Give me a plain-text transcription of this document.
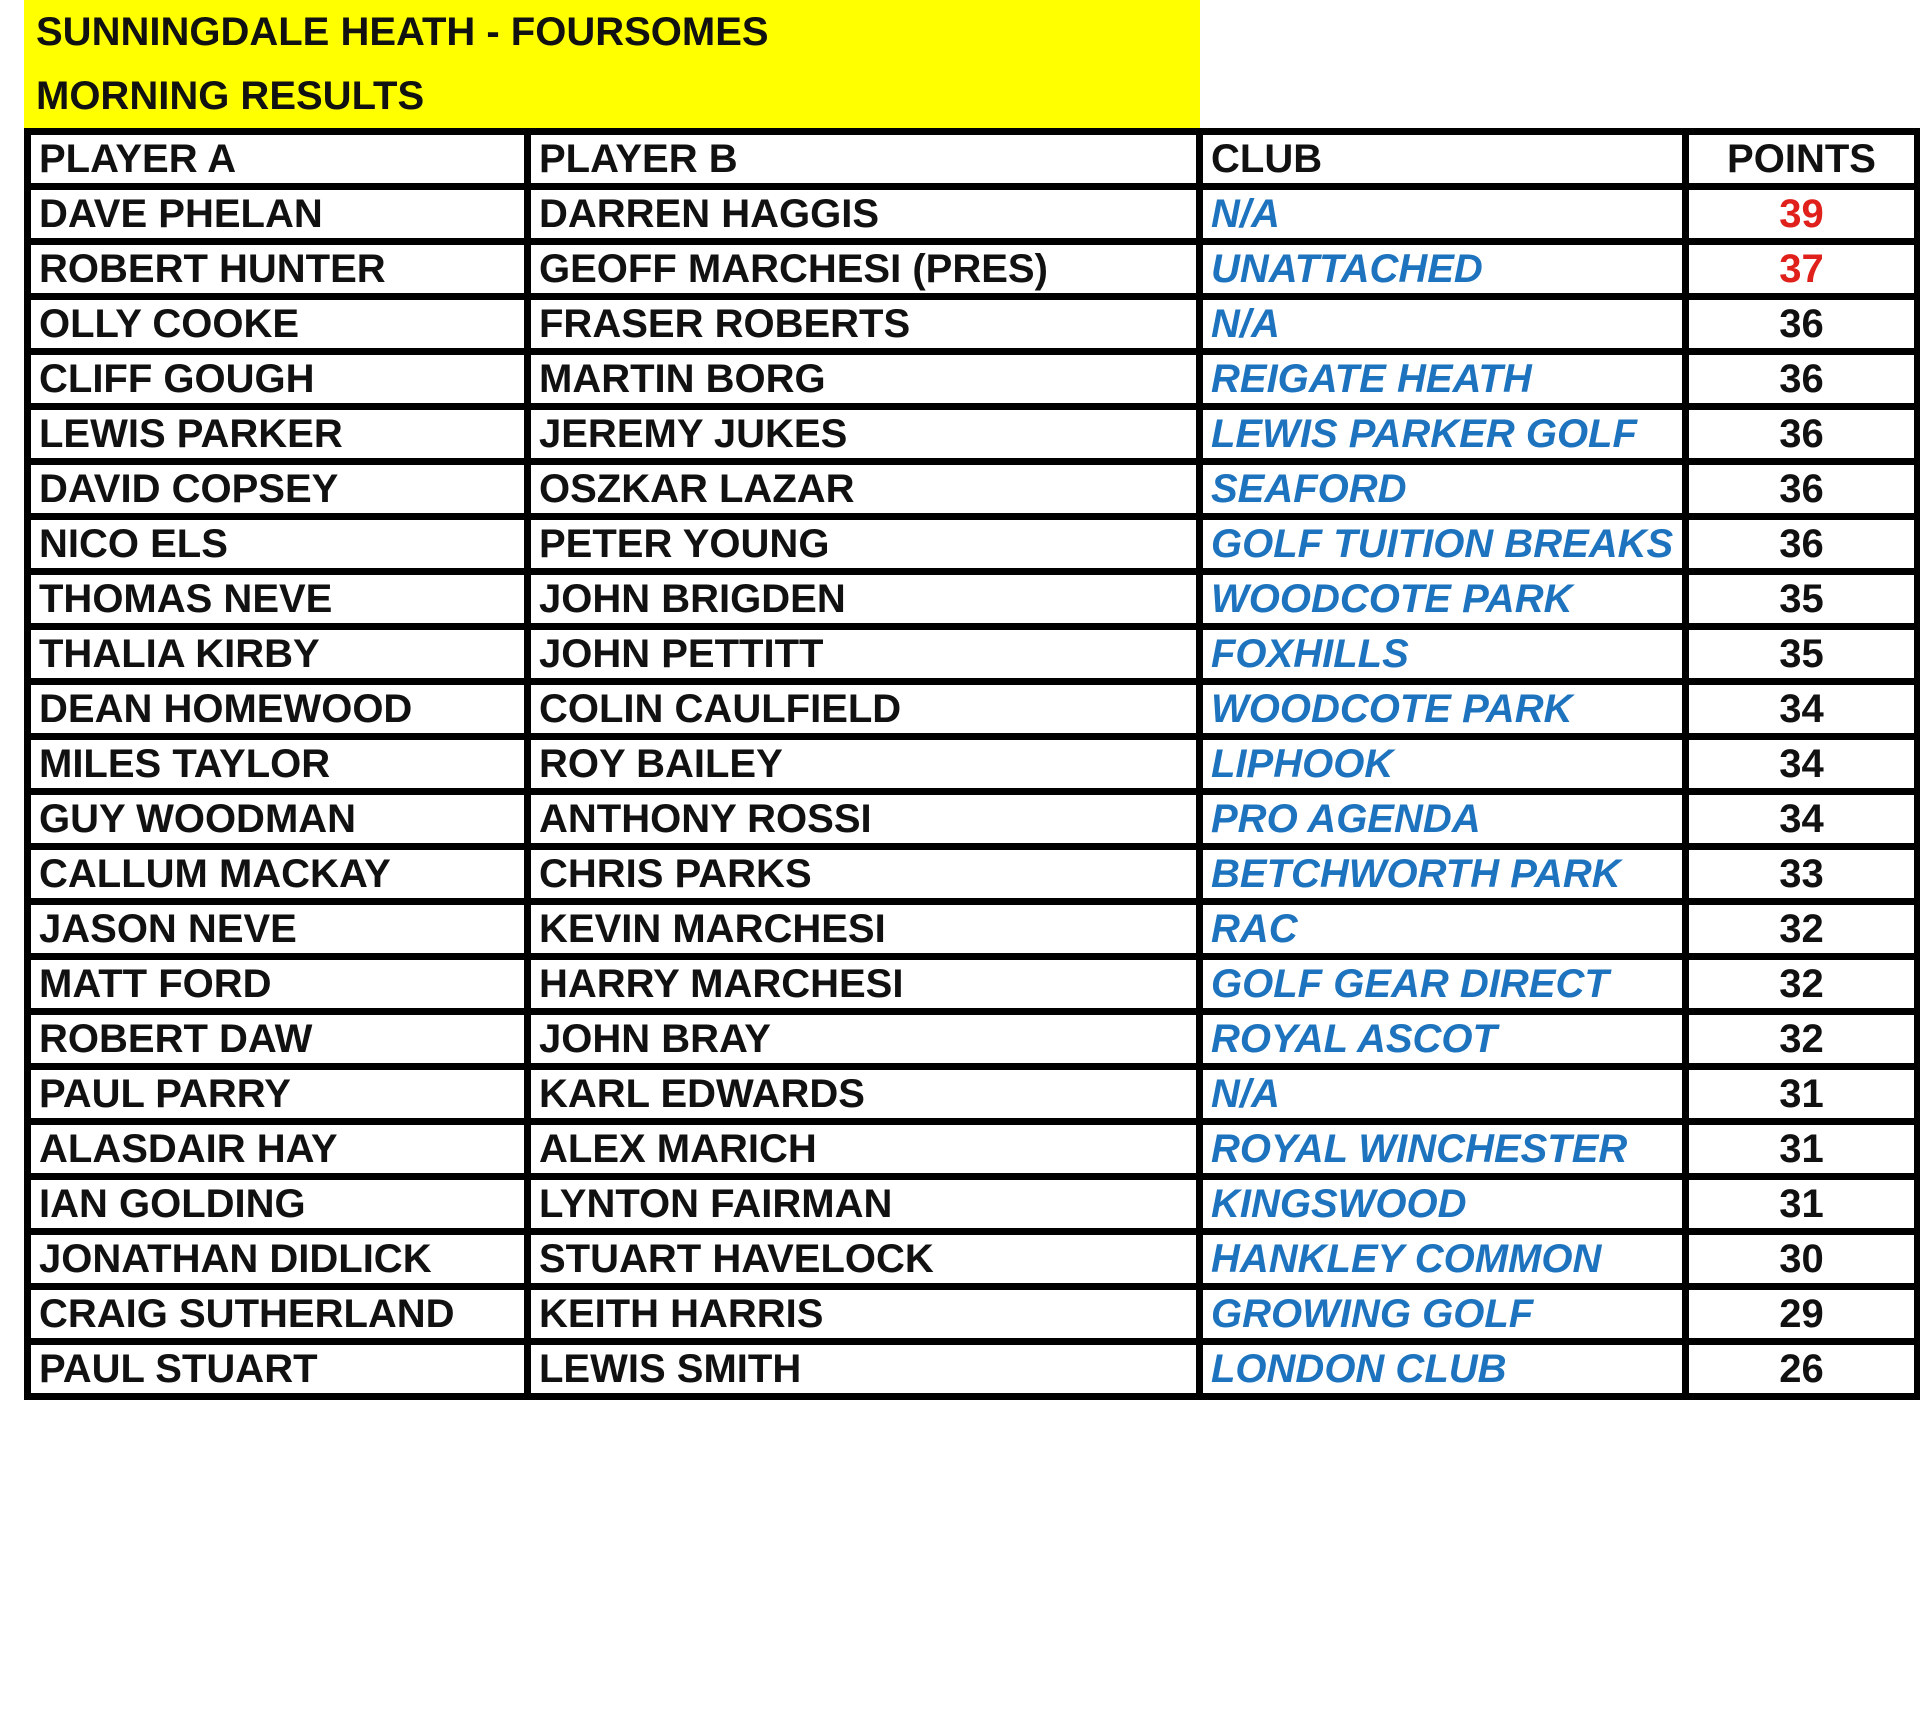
SUNNINGDALE HEATH - FOURSOMES
MORNING RESULTS
PLAYER A	PLAYER B	CLUB	POINTS
DAVE PHELAN	DARREN HAGGIS	N/A	39
ROBERT HUNTER	GEOFF MARCHESI (PRES)	UNATTACHED	37
OLLY COOKE	FRASER ROBERTS	N/A	36
CLIFF GOUGH	MARTIN BORG	REIGATE HEATH	36
LEWIS PARKER	JEREMY JUKES	LEWIS PARKER GOLF	36
DAVID COPSEY	OSZKAR LAZAR	SEAFORD	36
NICO ELS	PETER YOUNG	GOLF TUITION BREAKS	36
THOMAS NEVE	JOHN BRIGDEN	WOODCOTE PARK	35
THALIA KIRBY	JOHN PETTITT	FOXHILLS	35
DEAN HOMEWOOD	COLIN CAULFIELD	WOODCOTE PARK	34
MILES TAYLOR	ROY BAILEY	LIPHOOK	34
GUY WOODMAN	ANTHONY ROSSI	PRO AGENDA	34
CALLUM MACKAY	CHRIS PARKS	BETCHWORTH PARK	33
JASON NEVE	KEVIN MARCHESI	RAC	32
MATT FORD	HARRY MARCHESI	GOLF GEAR DIRECT	32
ROBERT DAW	JOHN BRAY	ROYAL ASCOT	32
PAUL PARRY	KARL EDWARDS	N/A	31
ALASDAIR HAY	ALEX MARICH	ROYAL WINCHESTER	31
IAN GOLDING	LYNTON FAIRMAN	KINGSWOOD	31
JONATHAN DIDLICK	STUART HAVELOCK	HANKLEY COMMON	30
CRAIG SUTHERLAND	KEITH HARRIS	GROWING GOLF	29
PAUL STUART	LEWIS SMITH	LONDON CLUB	26
